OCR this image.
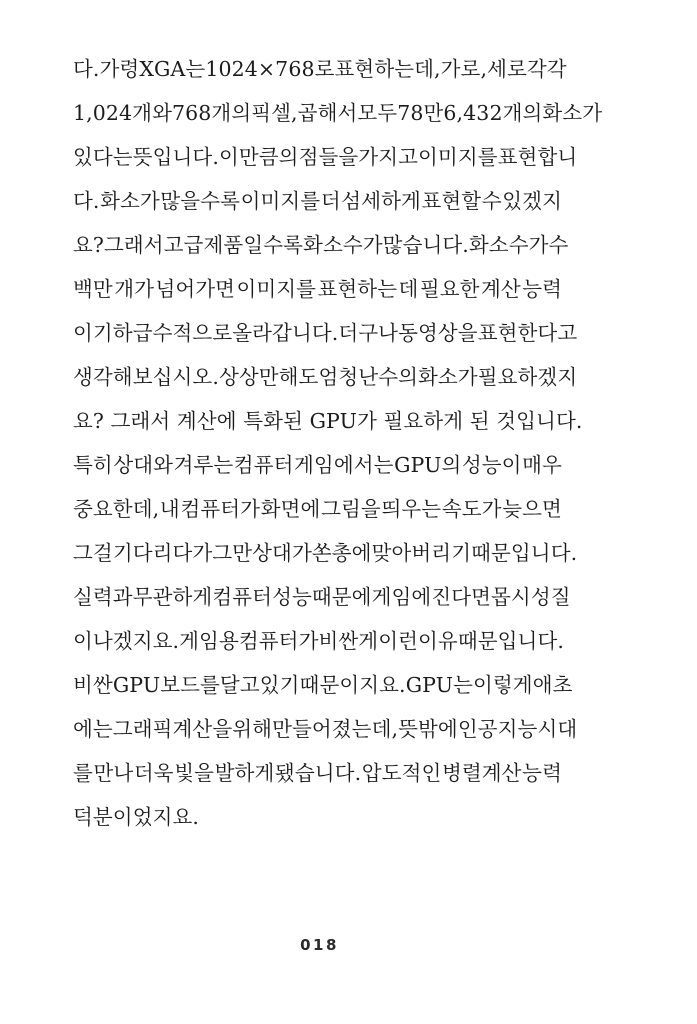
다. 가령 XGA는 1024×768로 표현하는데, 가로, 세로 각각
1,024개와 768개의 픽셀, 곱해서 모두 78만 6,432개의 화소가
있다는 뜻입니다. 이만큼의 점들을 가지고 이미지를 표현합니
다. 화소가 많을수록 이미지를 더 섬세하게 표현할 수 있겠지
요? 그래서 고급 제품일수록 화소 수가 많습니다. 화소 수가 수
백만 개가 넘어가면 이미지를 표현하는 데 필요한 계산 능력
이 기하급수적으로 올라갑니다. 더구나 동영상을 표현한다고
생각해보십시오. 상상만 해도 엄청난 수의 화소가 필요하겠지
요? 그래서 계산에 특화된 GPU가 필요하게 된 것입니다.
특히 상대와 겨루는 컴퓨터 게임에서는 GPU의 성능이 매우
중요한데, 내 컴퓨터가 화면에 그림을 띄우는 속도가 늦으면
그걸 기다리다가 그만 상대가 쏜 총에 맞아버리기 때문입니다.
실력과 무관하게 컴퓨터 성능 때문에 게임에 진다면 몹시 성질
이 나겠지요. 게임용 컴퓨터가 비싼 게 이런 이유 때문입니다.
비싼 GPU 보드를 달고 있기 때문이지요. GPU는 이렇게 애초
에는 그래픽 계산을 위해 만들어졌는데, 뜻밖에 인공지능 시대
를 만나 더욱 빛을 발하게 됐습니다. 압도적인 병렬계산 능력
덕분이었지요.
018
